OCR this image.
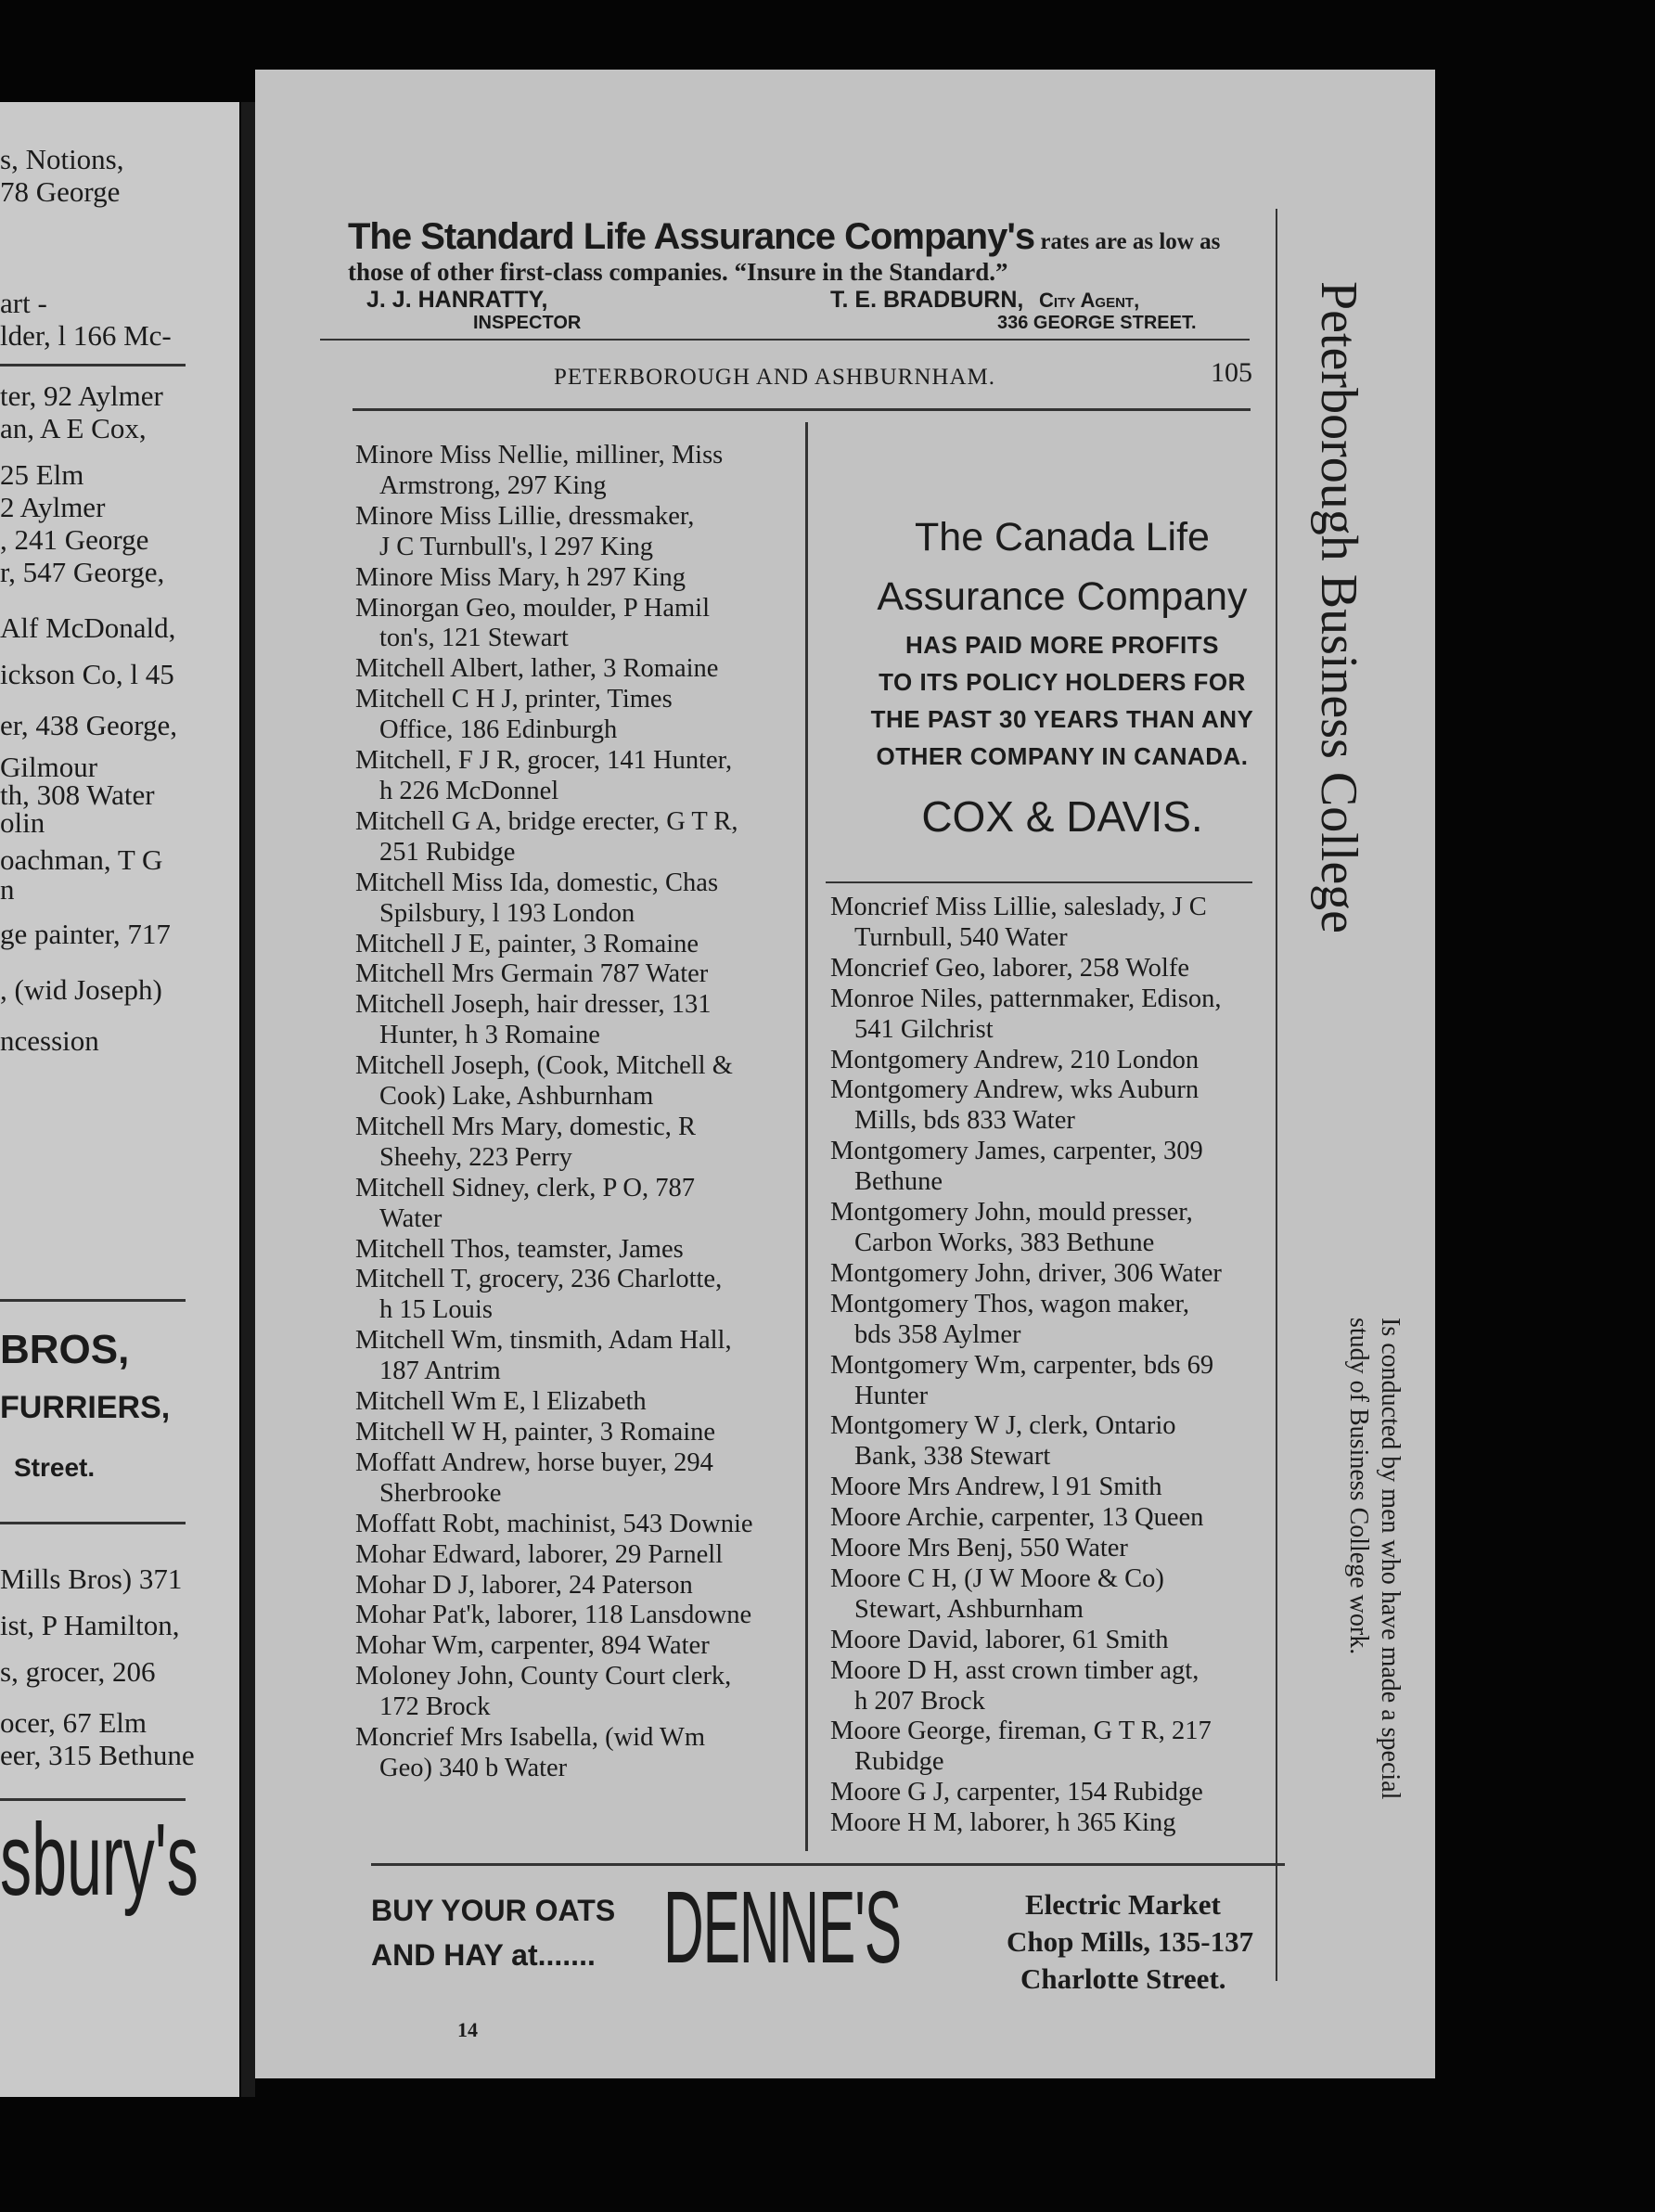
s, Notions,
78 George
art -
lder, l 166 Mc-
ter, 92 Aylmer
an, A E Cox,
25 Elm
2 Aylmer
, 241 George
r, 547 George,
Alf McDonald,
ickson Co, l 45
er, 438 George,
Gilmour
th, 308 Water
olin
oachman, T G
n
ge painter, 717
, (wid Joseph)
ncession
BROS,
FURRIERS,
Street.
Mills Bros) 371
ist, P Hamilton,
s, grocer, 206
ocer, 67 Elm
eer, 315 Bethune
sbury's
The Standard Life Assurance Company's rates are as low as
those of other first-class companies. “Insure in the Standard.”
J. J. HANRATTY,
INSPECTOR
T. E. BRADBURN, City Agent,
336 GEORGE STREET.
PETERBOROUGH AND ASHBURNHAM.	105
Minore Miss Nellie, milliner, Miss
Armstrong, 297 King
Minore Miss Lillie, dressmaker,
J C Turnbull's, l 297 King
Minore Miss Mary, h 297 King
Minorgan Geo, moulder, P Hamil
ton's, 121 Stewart
Mitchell Albert, lather, 3 Romaine
Mitchell C H J, printer, Times
Office, 186 Edinburgh
Mitchell, F J R, grocer, 141 Hunter,
h 226 McDonnel
Mitchell G A, bridge erecter, G T R,
251 Rubidge
Mitchell Miss Ida, domestic, Chas
Spilsbury, l 193 London
Mitchell J E, painter, 3 Romaine
Mitchell Mrs Germain 787 Water
Mitchell Joseph, hair dresser, 131
Hunter, h 3 Romaine
Mitchell Joseph, (Cook, Mitchell &
Cook) Lake, Ashburnham
Mitchell Mrs Mary, domestic, R
Sheehy, 223 Perry
Mitchell Sidney, clerk, P O, 787
Water
Mitchell Thos, teamster, James
Mitchell T, grocery, 236 Charlotte,
h 15 Louis
Mitchell Wm, tinsmith, Adam Hall,
187 Antrim
Mitchell Wm E, l Elizabeth
Mitchell W H, painter, 3 Romaine
Moffatt Andrew, horse buyer, 294
Sherbrooke
Moffatt Robt, machinist, 543 Downie
Mohar Edward, laborer, 29 Parnell
Mohar D J, laborer, 24 Paterson
Mohar Pat'k, laborer, 118 Lansdowne
Mohar Wm, carpenter, 894 Water
Moloney John, County Court clerk,
172 Brock
Moncrief Mrs Isabella, (wid Wm
Geo) 340 b Water
The Canada Life
Assurance Company
HAS PAID MORE PROFITS
TO ITS POLICY HOLDERS FOR
THE PAST 30 YEARS THAN ANY
OTHER COMPANY IN CANADA.
COX & DAVIS.
Moncrief Miss Lillie, saleslady, J C
Turnbull, 540 Water
Moncrief Geo, laborer, 258 Wolfe
Monroe Niles, patternmaker, Edison,
541 Gilchrist
Montgomery Andrew, 210 London
Montgomery Andrew, wks Auburn
Mills, bds 833 Water
Montgomery James, carpenter, 309
Bethune
Montgomery John, mould presser,
Carbon Works, 383 Bethune
Montgomery John, driver, 306 Water
Montgomery Thos, wagon maker,
bds 358 Aylmer
Montgomery Wm, carpenter, bds 69
Hunter
Montgomery W J, clerk, Ontario
Bank, 338 Stewart
Moore Mrs Andrew, l 91 Smith
Moore Archie, carpenter, 13 Queen
Moore Mrs Benj, 550 Water
Moore C H, (J W Moore & Co)
Stewart, Ashburnham
Moore David, laborer, 61 Smith
Moore D H, asst crown timber agt,
h 207 Brock
Moore George, fireman, G T R, 217
Rubidge
Moore G J, carpenter, 154 Rubidge
Moore H M, laborer, h 365 King
BUY YOUR OATS
AND HAY at....... DENNE'S	Electric Market
Chop Mills, 135-137
Charlotte Street.
14
Peterborough Business College
Is conducted by men who have made a special
study of Business College work.
